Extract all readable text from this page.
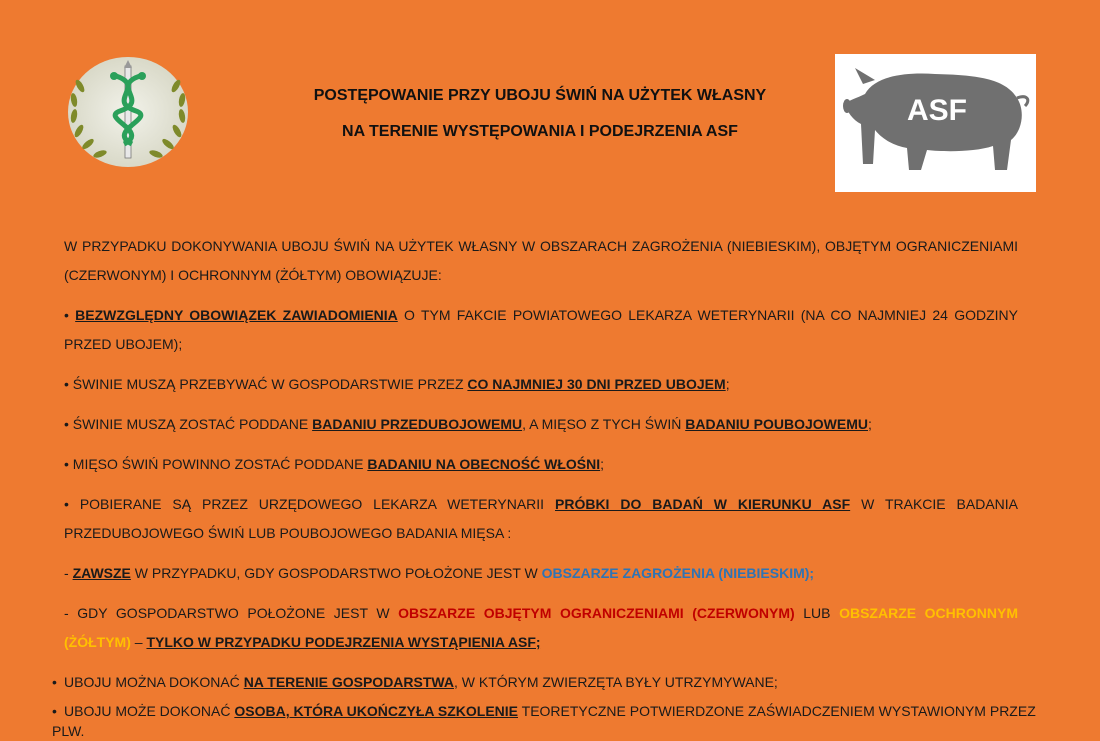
POSTĘPOWANIE PRZY UBOJU ŚWIŃ NA UŻYTEK WŁASNY
NA TERENIE WYSTĘPOWANIA I PODEJRZENIA ASF
ASF

W PRZYPADKU DOKONYWANIA UBOJU ŚWIŃ NA UŻYTEK WŁASNY W OBSZARACH ZAGROŻENIA (NIEBIESKIM), OBJĘTYM OGRANICZENIAMI (CZERWONYM) I OCHRONNYM (ŻÓŁTYM) OBOWIĄZUJE:

• BEZWZGLĘDNY OBOWIĄZEK ZAWIADOMIENIA O TYM FAKCIE POWIATOWEGO LEKARZA WETERYNARII (NA CO NAJMNIEJ 24 GODZINY PRZED UBOJEM);

• ŚWINIE MUSZĄ PRZEBYWAĆ W GOSPODARSTWIE PRZEZ CO NAJMNIEJ 30 DNI PRZED UBOJEM;

• ŚWINIE MUSZĄ ZOSTAĆ PODDANE BADANIU PRZEDUBOJOWEMU, A MIĘSO Z TYCH ŚWIŃ BADANIU POUBOJOWEMU;

• MIĘSO ŚWIŃ POWINNO ZOSTAĆ PODDANE BADANIU NA OBECNOŚĆ WŁOŚNI;

• POBIERANE SĄ PRZEZ URZĘDOWEGO LEKARZA WETERYNARII PRÓBKI DO BADAŃ W KIERUNKU ASF W TRAKCIE BADANIA PRZEDUBOJOWEGO ŚWIŃ LUB POUBOJOWEGO BADANIA MIĘSA :

- ZAWSZE W PRZYPADKU, GDY GOSPODARSTWO POŁOŻONE JEST W OBSZARZE ZAGROŻENIA (NIEBIESKIM);

- GDY GOSPODARSTWO POŁOŻONE JEST W OBSZARZE OBJĘTYM OGRANICZENIAMI (CZERWONYM) LUB OBSZARZE OCHRONNYM (ŻÓŁTYM) – TYLKO W PRZYPADKU PODEJRZENIA WYSTĄPIENIA ASF;

• UBOJU MOŻNA DOKONAĆ NA TERENIE GOSPODARSTWA, W KTÓRYM ZWIERZĘTA BYŁY UTRZYMYWANE;
• UBOJU MOŻE DOKONAĆ OSOBA, KTÓRA UKOŃCZYŁA SZKOLENIE TEORETYCZNE POTWIERDZONE ZAŚWIADCZENIEM WYSTAWIONYM PRZEZ PLW.
